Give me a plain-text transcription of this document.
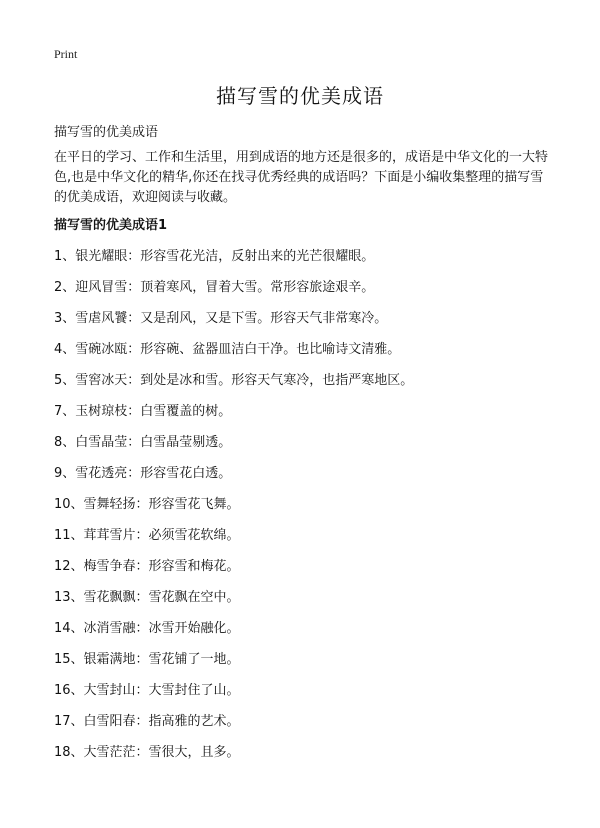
Print
描写雪的优美成语
描写雪的优美成语

在平日的学习、工作和生活里，用到成语的地方还是很多的，成语是中华文化的一大特色,也是中华文化的精华,你还在找寻优秀经典的成语吗？下面是小编收集整理的描写雪的优美成语，欢迎阅读与收藏。

描写雪的优美成语1
1、银光耀眼：形容雪花光洁，反射出来的光芒很耀眼。
2、迎风冒雪：顶着寒风，冒着大雪。常形容旅途艰辛。
3、雪虐风饕：又是刮风，又是下雪。形容天气非常寒冷。
4、雪碗冰瓯：形容碗、盆器皿洁白干净。也比喻诗文清雅。
5、雪窖冰天：到处是冰和雪。形容天气寒冷，也指严寒地区。
7、玉树琼枝：白雪覆盖的树。
8、白雪晶莹：白雪晶莹剔透。
9、雪花透亮：形容雪花白透。
10、雪舞轻扬：形容雪花飞舞。
11、茸茸雪片：必须雪花软绵。
12、梅雪争春：形容雪和梅花。
13、雪花飘飘：雪花飘在空中。
14、冰消雪融：冰雪开始融化。
15、银霜满地：雪花铺了一地。
16、大雪封山：大雪封住了山。
17、白雪阳春：指高雅的艺术。
18、大雪茫茫：雪很大，且多。
